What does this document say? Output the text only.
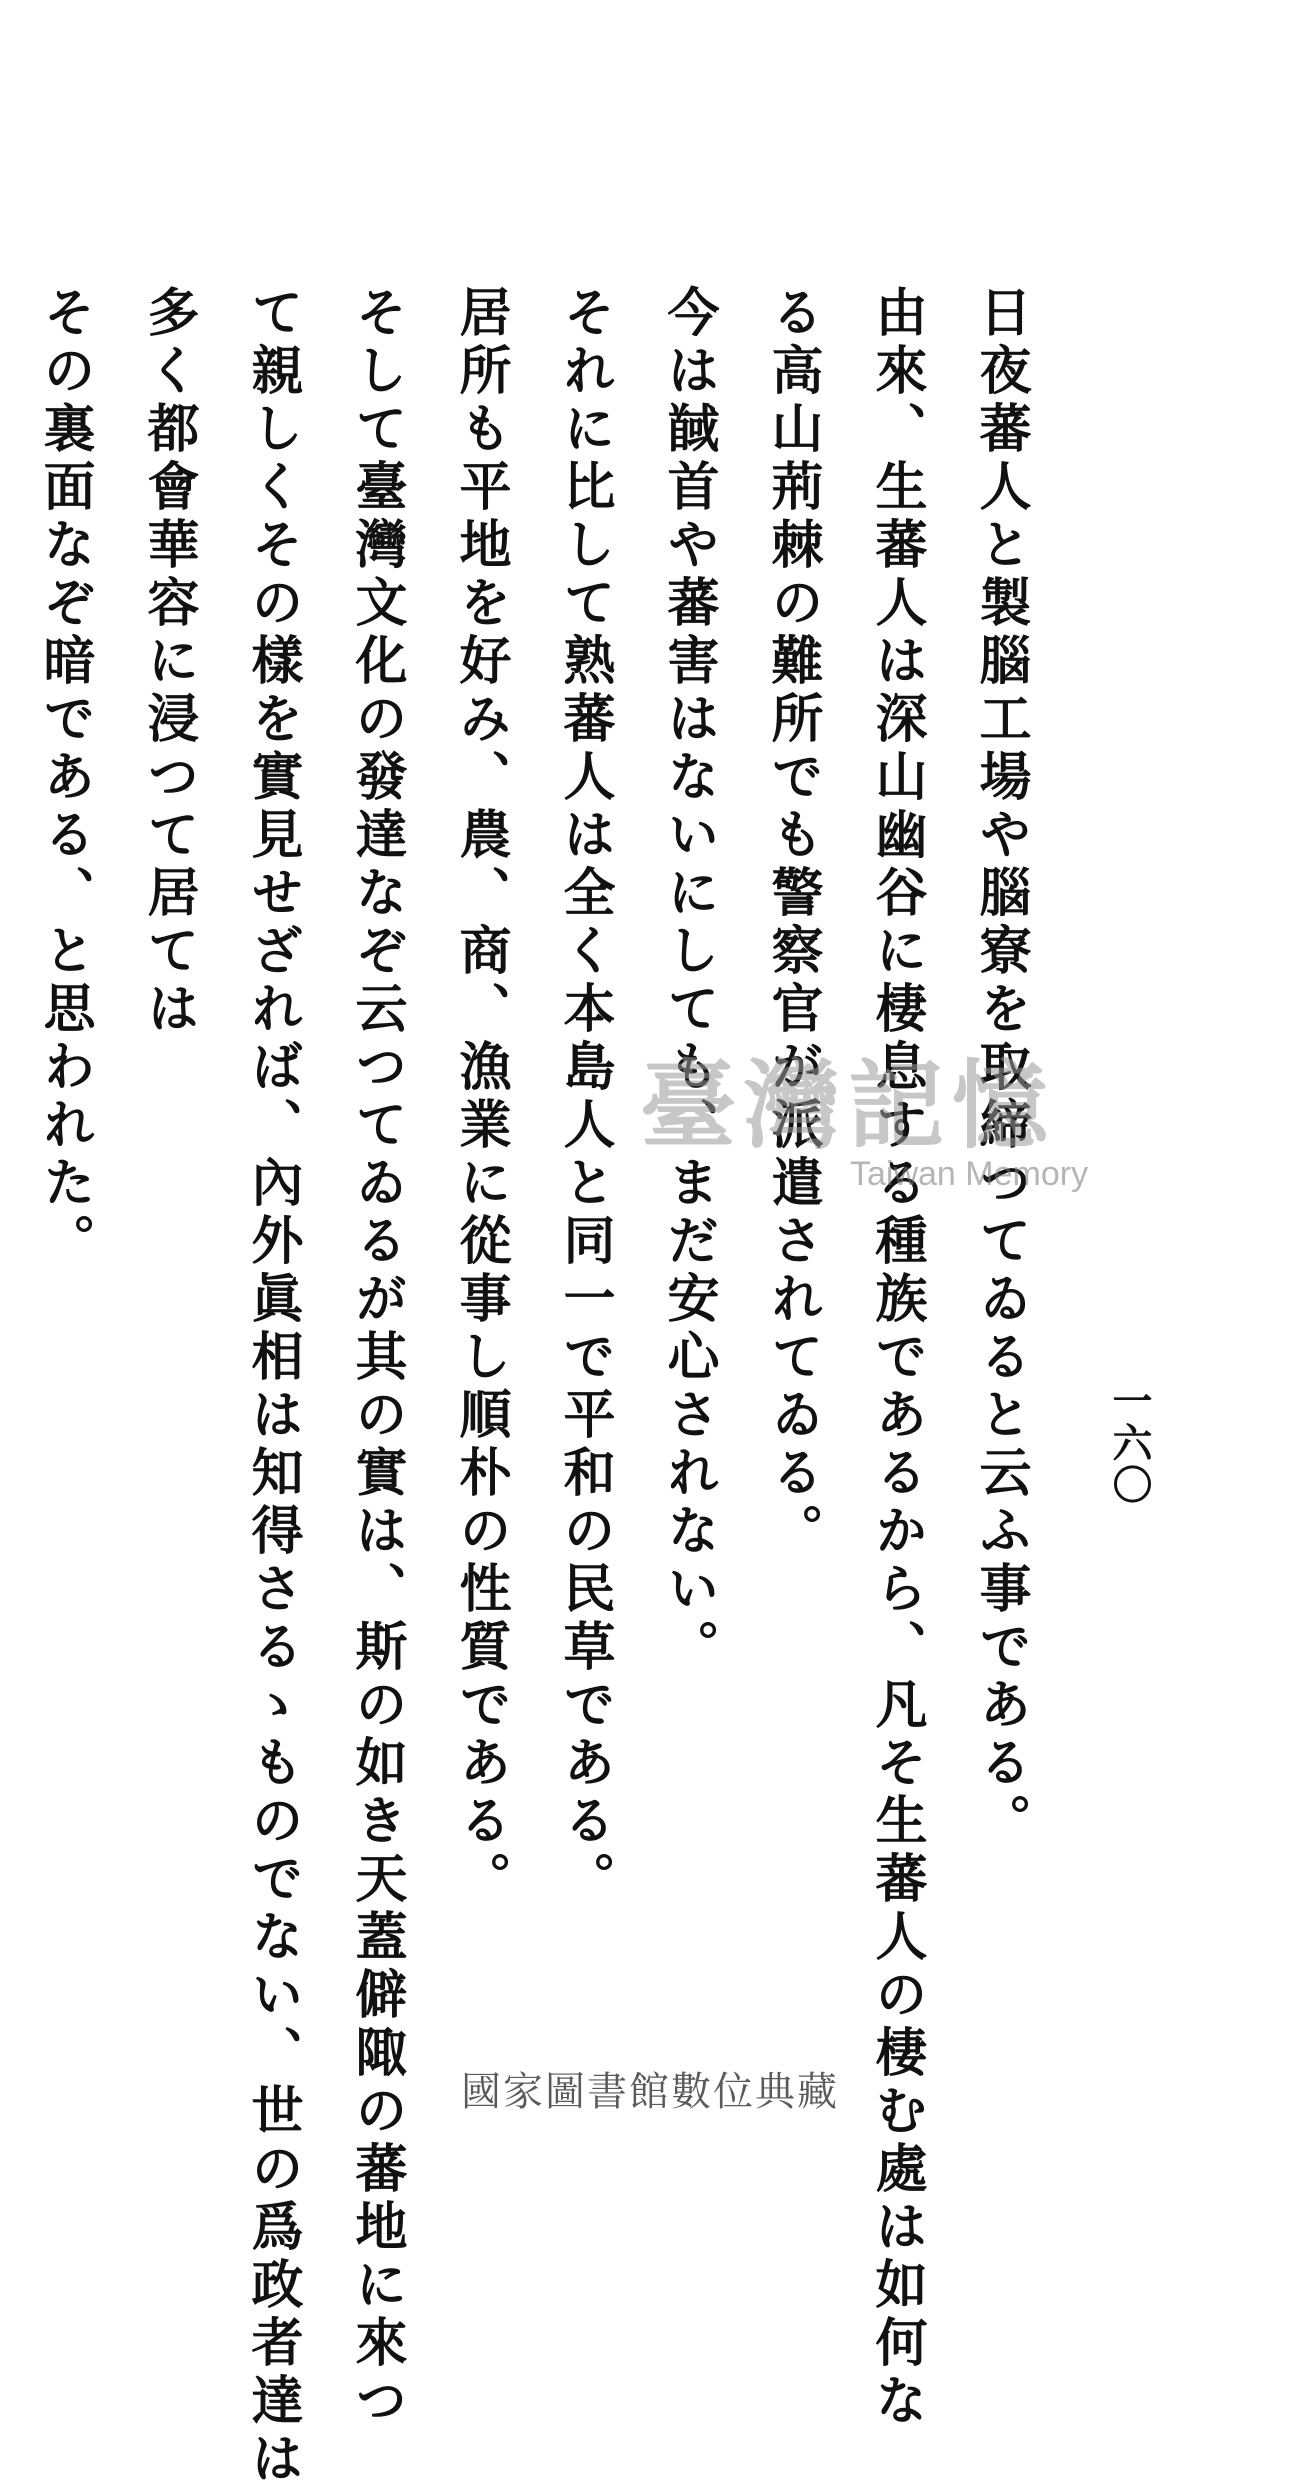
日夜蕃人と製腦工場や腦寮を取締つてゐると云ふ事である。
由來、生蕃人は深山幽谷に棲息する種族であるから、凡そ生蕃人の棲む處は如何な
る高山荊棘の難所でも警察官が派遣されてゐる。
今は馘首や蕃害はないにしても、まだ安心されない。
それに比して熟蕃人は全く本島人と同一で平和の民草である。
居所も平地を好み、農、商、漁業に從事し順朴の性質である。
そして臺灣文化の發達なぞ云つてゐるが其の實は、斯の如き天蓋僻陬の蕃地に來つ
て親しくその樣を實見せざれば、內外眞相は知得さるゝものでない、世の爲政者達は
多く都會華容に浸つて居ては
その裏面なぞ暗である、と思われた。
一六〇
臺灣記憶
Taiwan Memory
國家圖書館數位典藏
